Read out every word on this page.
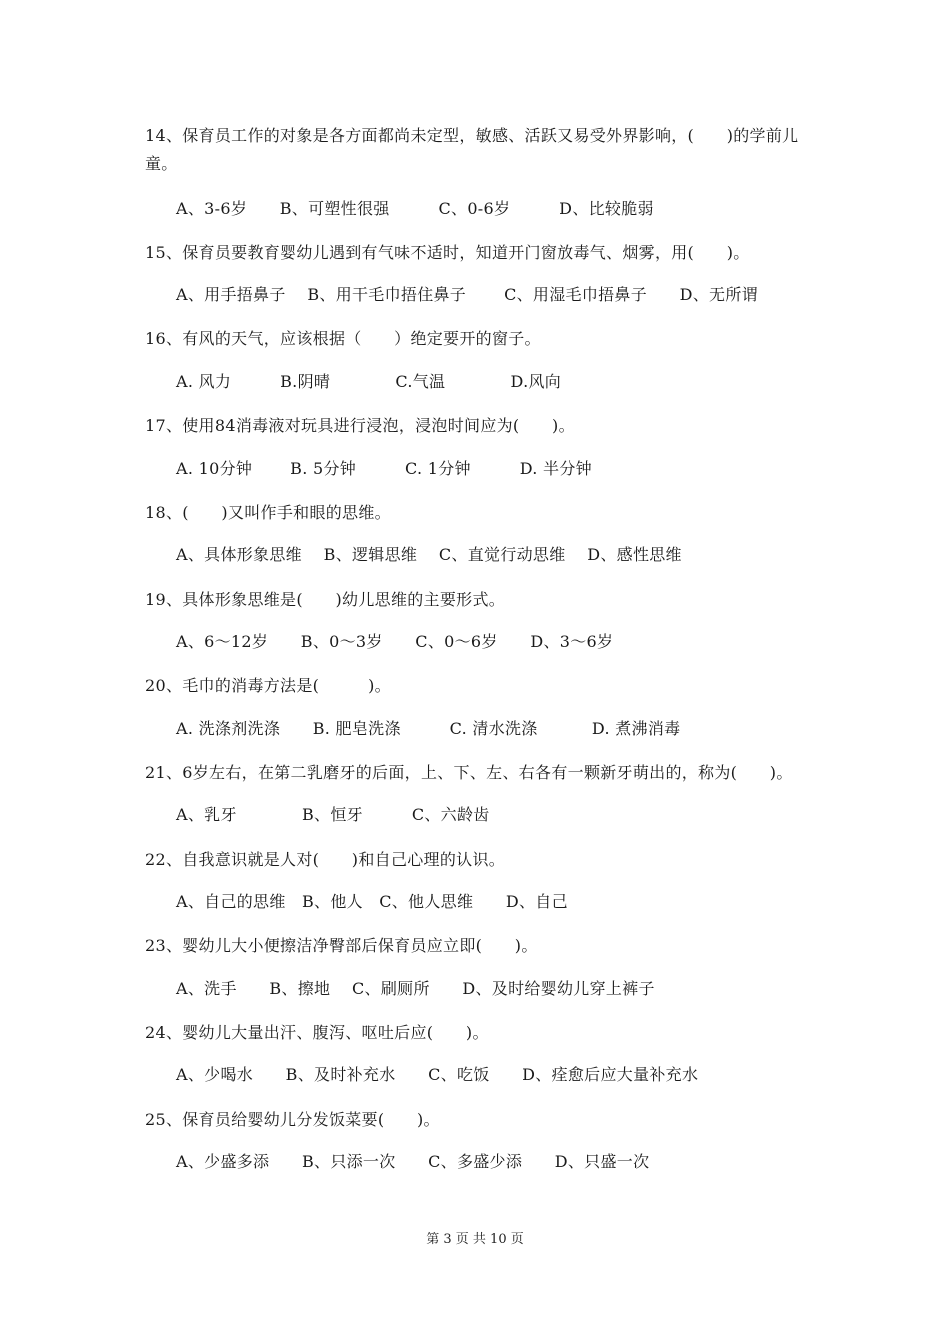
14、保育员工作的对象是各方面都尚未定型，敏感、活跃又易受外界影响，(　　)的学前儿童。
A、3-6岁　　B、可塑性很强　　　C、0-6岁　　　D、比较脆弱
15、保育员要教育婴幼儿遇到有气味不适时，知道开门窗放毒气、烟雾，用(　　)。
A、用手捂鼻子　 B、用干毛巾捂住鼻子　　 C、用湿毛巾捂鼻子　　D、无所谓
16、有风的天气，应该根据（　　）绝定要开的窗子。
A. 风力　　　B.阴晴　　　　C.气温　　　　D.风向
17、使用84消毒液对玩具进行浸泡，浸泡时间应为(　　)。
A. 10分钟　　 B. 5分钟　　　C. 1分钟　　　D. 半分钟
18、(　　)又叫作手和眼的思维。
A、具体形象思维　 B、逻辑思维　 C、直觉行动思维　 D、感性思维
19、具体形象思维是(　　)幼儿思维的主要形式。
A、6～12岁　　B、0～3岁　　C、0～6岁　　D、3～6岁
20、毛巾的消毒方法是(　　　)。
A. 洗涤剂洗涤　　B. 肥皂洗涤　　　C. 清水洗涤　　　 D. 煮沸消毒
21、6岁左右，在第二乳磨牙的后面，上、下、左、右各有一颗新牙萌出的，称为(　　)。
A、乳牙　　　　B、恒牙　　　C、六龄齿
22、自我意识就是人对(　　)和自己心理的认识。
A、自己的思维　B、他人　C、他人思维　　D、自己
23、婴幼儿大小便擦洁净臀部后保育员应立即(　　)。
A、洗手　　B、擦地　 C、刷厕所　　D、及时给婴幼儿穿上裤子
24、婴幼儿大量出汗、腹泻、呕吐后应(　　)。
A、少喝水　　B、及时补充水　　C、吃饭　　D、痊愈后应大量补充水
25、保育员给婴幼儿分发饭菜要(　　)。
A、少盛多添　　B、只添一次　　C、多盛少添　　D、只盛一次
第 3 页 共 10 页
